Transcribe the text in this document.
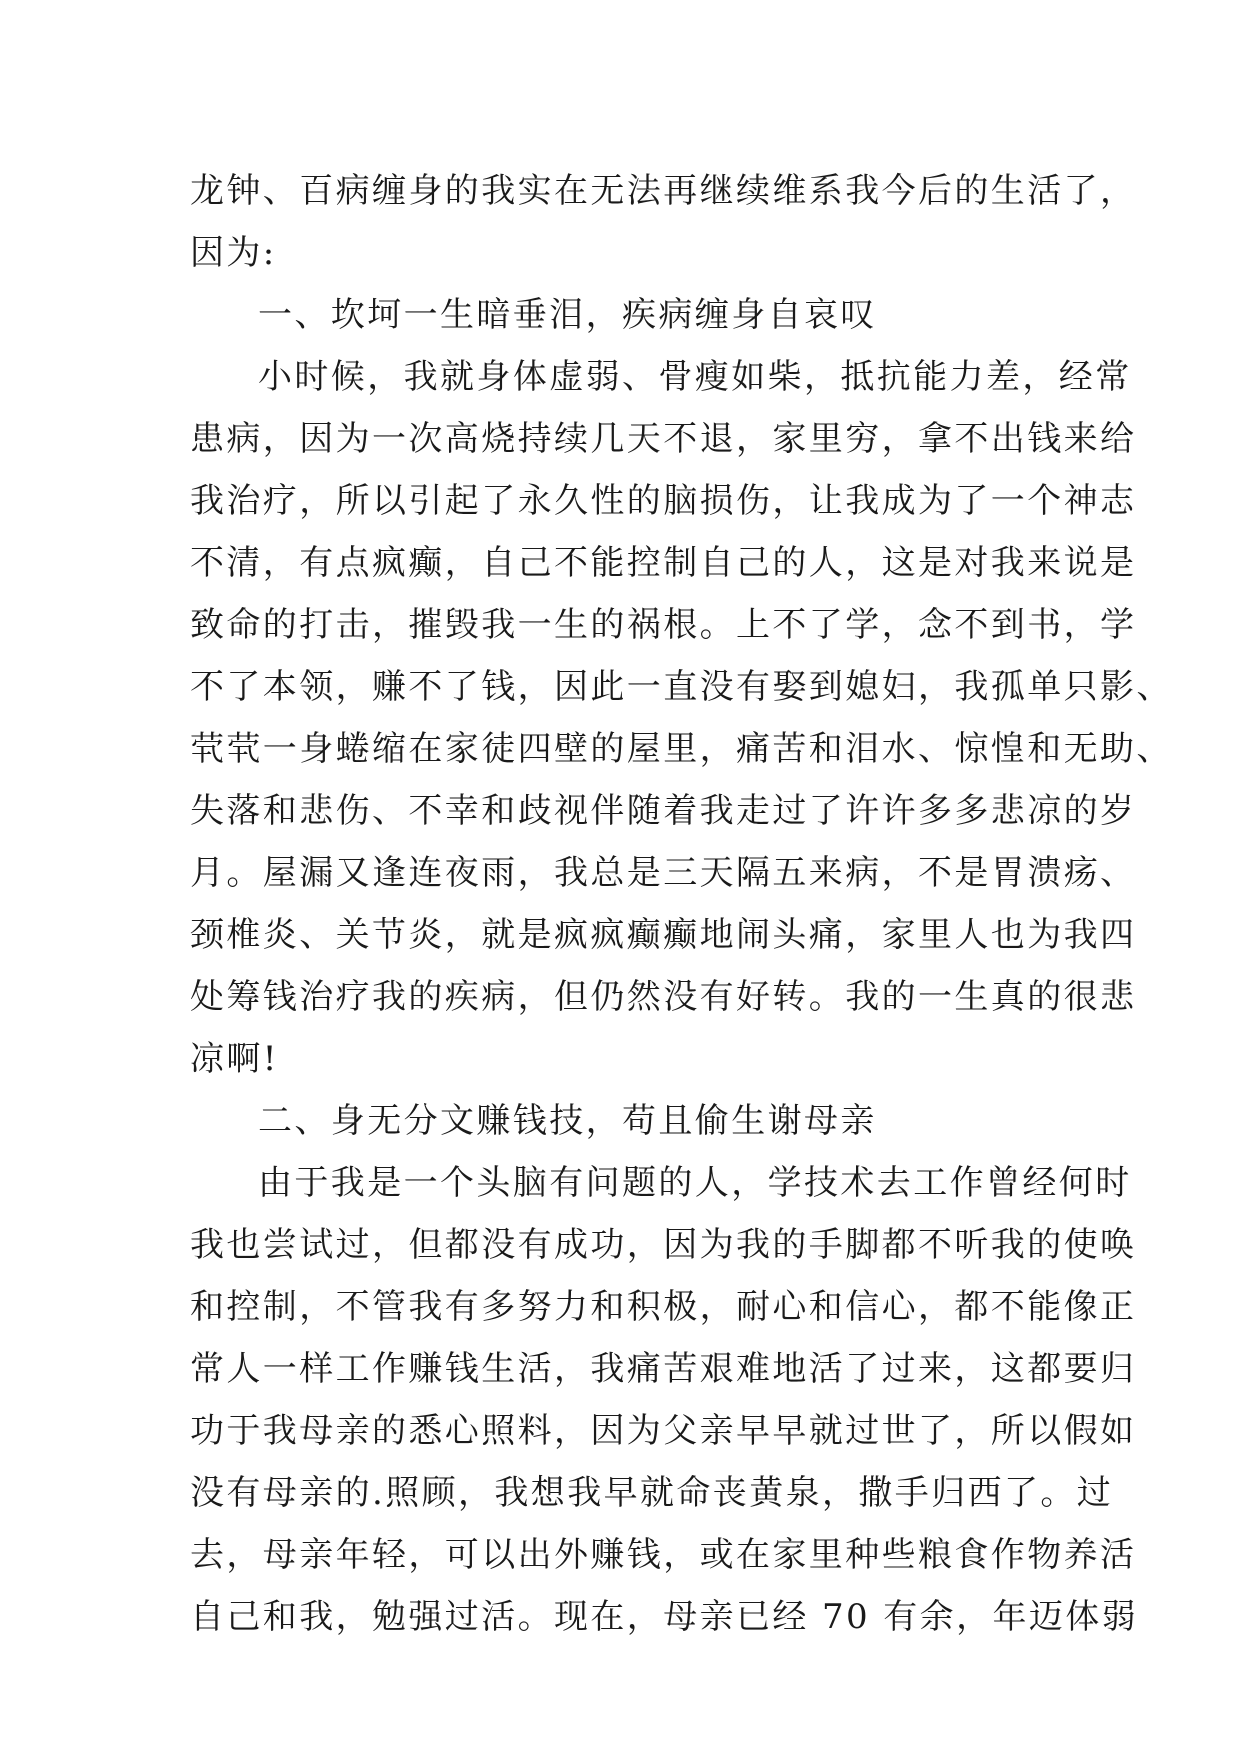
龙钟、百病缠身的我实在无法再继续维系我今后的生活了，
因为:
一、坎坷一生暗垂泪，疾病缠身自哀叹
小时候，我就身体虚弱、骨瘦如柴，抵抗能力差，经常
患病，因为一次高烧持续几天不退，家里穷，拿不出钱来给
我治疗，所以引起了永久性的脑损伤，让我成为了一个神志
不清，有点疯癫，自己不能控制自己的人，这是对我来说是
致命的打击，摧毁我一生的祸根。上不了学，念不到书，学
不了本领，赚不了钱，因此一直没有娶到媳妇，我孤单只影、
茕茕一身蜷缩在家徒四壁的屋里，痛苦和泪水、惊惶和无助、
失落和悲伤、不幸和歧视伴随着我走过了许许多多悲凉的岁
月。屋漏又逢连夜雨，我总是三天隔五来病，不是胃溃疡、
颈椎炎、关节炎，就是疯疯癫癫地闹头痛，家里人也为我四
处筹钱治疗我的疾病，但仍然没有好转。我的一生真的很悲
凉啊!
二、身无分文赚钱技，苟且偷生谢母亲
由于我是一个头脑有问题的人，学技术去工作曾经何时
我也尝试过，但都没有成功，因为我的手脚都不听我的使唤
和控制，不管我有多努力和积极，耐心和信心，都不能像正
常人一样工作赚钱生活，我痛苦艰难地活了过来，这都要归
功于我母亲的悉心照料，因为父亲早早就过世了，所以假如
没有母亲的.照顾，我想我早就命丧黄泉，撒手归西了。过
去，母亲年轻，可以出外赚钱，或在家里种些粮食作物养活
自己和我，勉强过活。现在，母亲已经 70 有余，年迈体弱
